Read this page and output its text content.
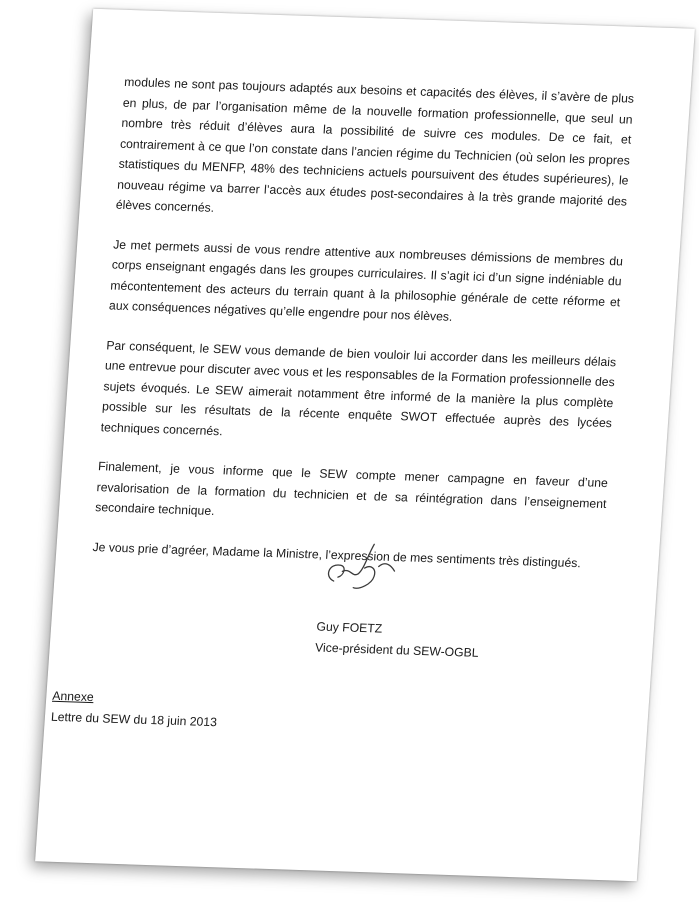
modules ne sont pas toujours adaptés aux besoins et capacités des élèves, il s’avère de plus en plus, de par l’organisation même de la nouvelle formation professionnelle, que seul un nombre très réduit d’élèves aura la possibilité de suivre ces modules. De ce fait, et contrairement à ce que l’on constate dans l’ancien régime du Technicien (où selon les propres statistiques du MENFP, 48% des techniciens actuels poursuivent des études supérieures), le nouveau régime va barrer l’accès aux études post-secondaires à la très grande majorité des élèves concernés.

Je met permets aussi de vous rendre attentive aux nombreuses démissions de membres du corps enseignant engagés dans les groupes curriculaires. Il s’agit ici d’un signe indéniable du mécontentement des acteurs du terrain quant à la philosophie générale de cette réforme et aux conséquences négatives qu’elle engendre pour nos élèves.

Par conséquent, le SEW vous demande de bien vouloir lui accorder dans les meilleurs délais une entrevue pour discuter avec vous et les responsables de la Formation professionnelle des sujets évoqués. Le SEW aimerait notamment être informé de la manière la plus complète possible sur les résultats de la récente enquête SWOT effectuée auprès des lycées techniques concernés.

Finalement, je vous informe que le SEW compte mener campagne en faveur d’une revalorisation de la formation du technicien et de sa réintégration dans l’enseignement secondaire technique.

Je vous prie d’agréer, Madame la Ministre, l’expression de mes sentiments très distingués.

Guy FOETZ
Vice-président du SEW-OGBL
Annexe
Lettre du SEW du 18 juin 2013
